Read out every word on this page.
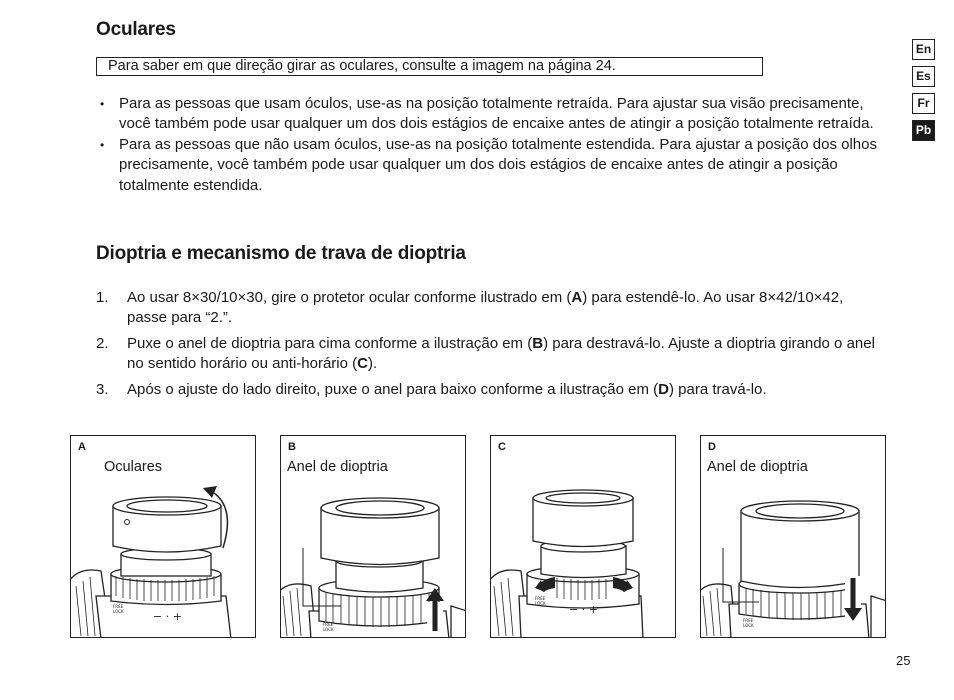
Oculares
Para saber em que direção girar as oculares, consulte a imagem na página 24.
• Para as pessoas que usam óculos, use-as na posição totalmente retraída. Para ajustar sua visão precisamente, você também pode usar qualquer um dos dois estágios de encaixe antes de atingir a posição totalmente retraída.
• Para as pessoas que não usam óculos, use-as na posição totalmente estendida. Para ajustar a posição dos olhos precisamente, você também pode usar qualquer um dos dois estágios de encaixe antes de atingir a posição totalmente estendida.
Dioptria e mecanismo de trava de dioptria
1. Ao usar 8×30/10×30, gire o protetor ocular conforme ilustrado em (A) para estendê-lo. Ao usar 8×42/10×42, passe para “2.”.
2. Puxe o anel de dioptria para cima conforme a ilustração em (B) para destravá-lo. Ajuste a dioptria girando o anel no sentido horário ou anti-horário (C).
3. Após o ajuste do lado direito, puxe o anel para baixo conforme a ilustração em (D) para travá-lo.
En
Es
Fr
Pb
− · +
FREE
LOCK
A
Oculares
FREE
LOCK
B
Anel de dioptria
− · +
FREE
LOCK
C
FREE
LOCK
D
Anel de dioptria
25
